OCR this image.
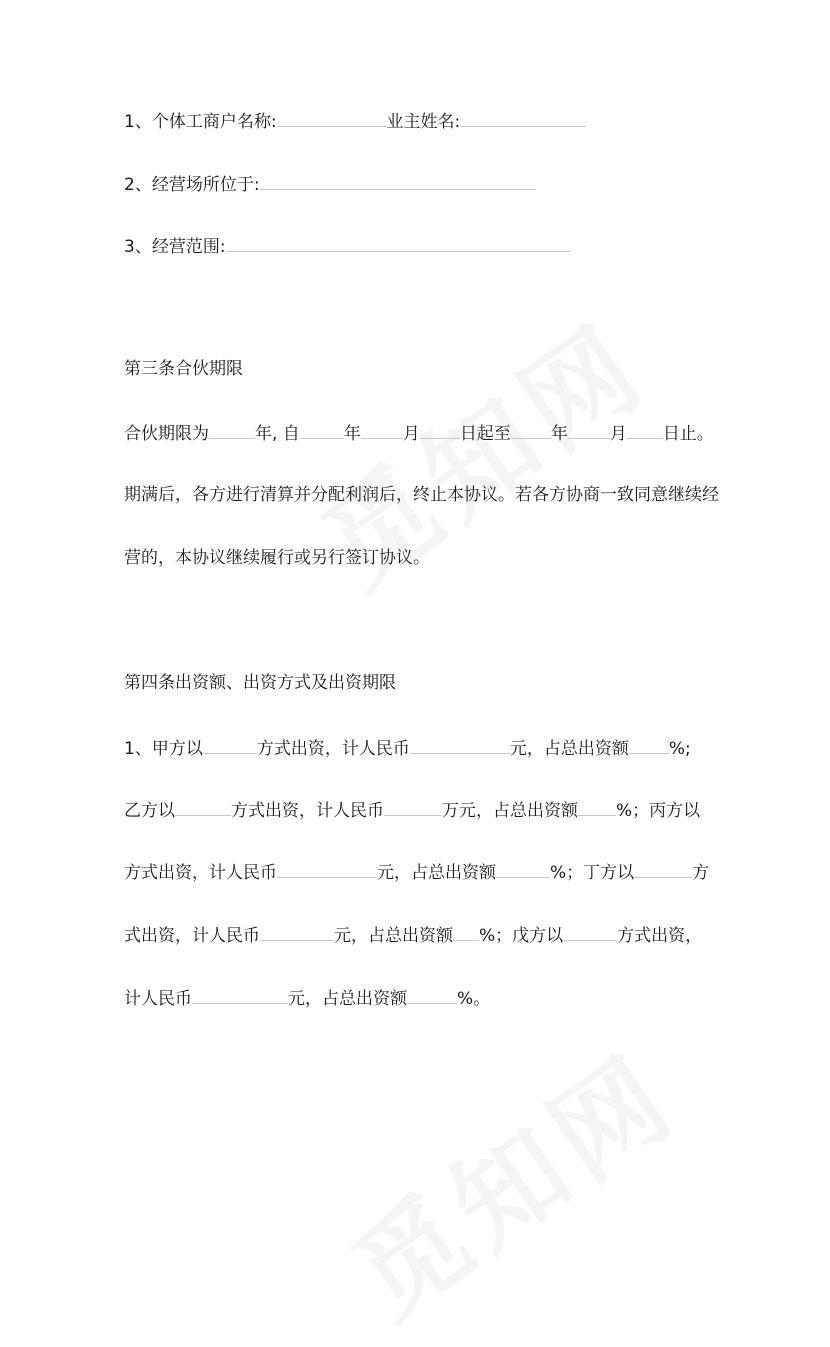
1、个体工商户名称:	业主姓名:
2、经营场所位于:
3、经营范围:
第三条合伙期限
合伙期限为	年, 自	年 月 日起至 年 月 日止。
期满后，各方进行清算并分配利润后，终止本协议。若各方协商一致同意继续经
营的，本协议继续履行或另行签订协议。
第四条出资额、出资方式及出资期限
1、甲方以	方式出资，计人民币	元，占总出资额 %;
乙方以	方式出资，计人民币	万元，占总出资额 %；丙方以
方式出资，计人民币	元，占总出资额	%；丁方以	方
式出资，计人民币	元，占总出资额 %；戊方以	方式出资，
计人民币	元，占总出资额	%。
